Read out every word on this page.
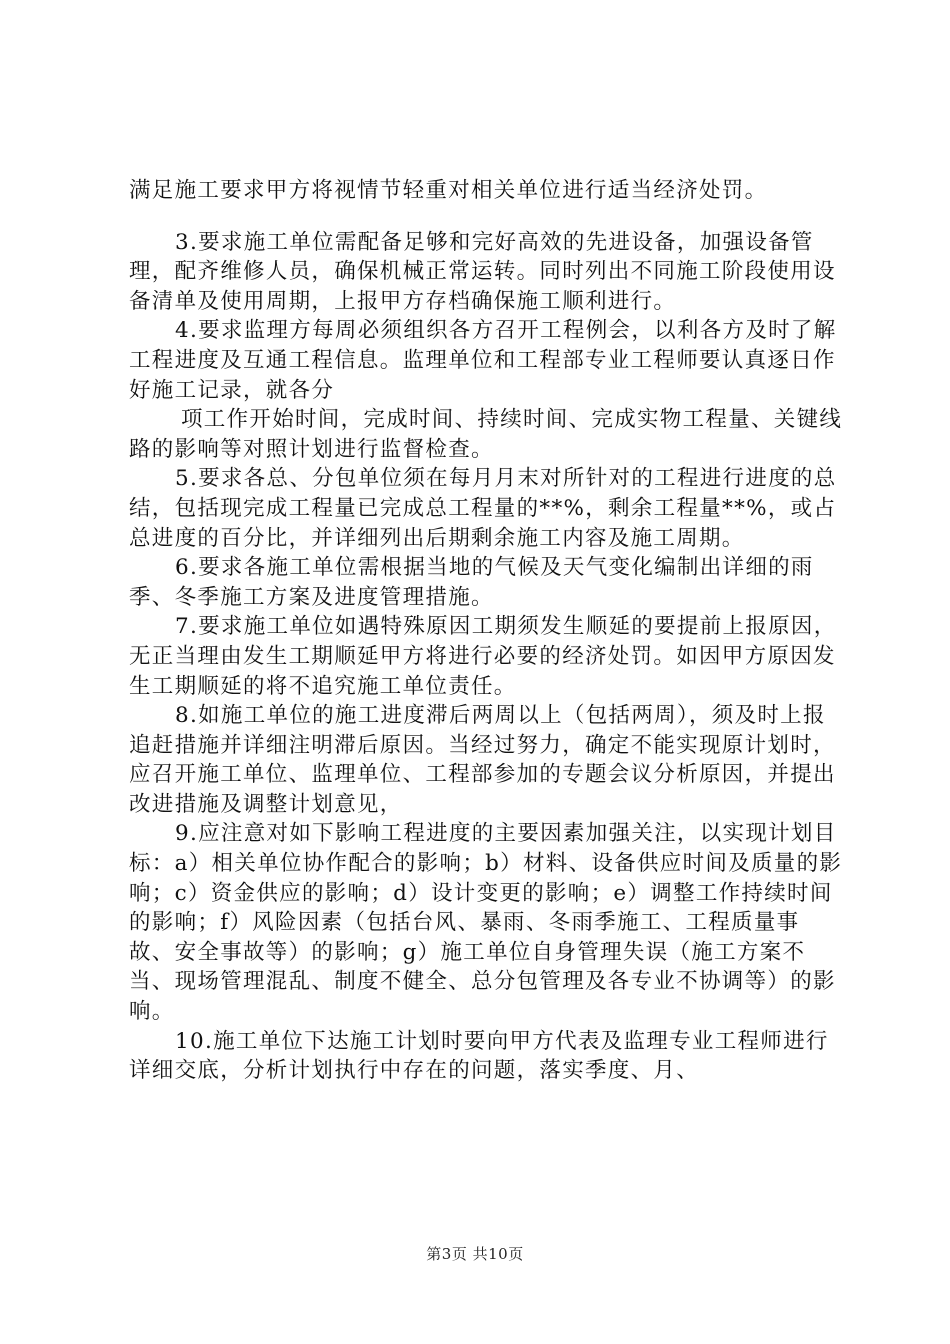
满足施工要求甲方将视情节轻重对相关单位进行适当经济处罚。

3.要求施工单位需配备足够和完好高效的先进设备，加强设备管理，配齐维修人员，确保机械正常运转。同时列出不同施工阶段使用设备清单及使用周期，上报甲方存档确保施工顺利进行。

4.要求监理方每周必须组织各方召开工程例会，以利各方及时了解工程进度及互通工程信息。监理单位和工程部专业工程师要认真逐日作好施工记录，就各分

项工作开始时间，完成时间、持续时间、完成实物工程量、关键线路的影响等对照计划进行监督检查。

5.要求各总、分包单位须在每月月末对所针对的工程进行进度的总结，包括现完成工程量已完成总工程量的**%，剩余工程量**%，或占总进度的百分比，并详细列出后期剩余施工内容及施工周期。

6.要求各施工单位需根据当地的气候及天气变化编制出详细的雨季、冬季施工方案及进度管理措施。

7.要求施工单位如遇特殊原因工期须发生顺延的要提前上报原因，无正当理由发生工期顺延甲方将进行必要的经济处罚。如因甲方原因发生工期顺延的将不追究施工单位责任。

8.如施工单位的施工进度滞后两周以上（包括两周），须及时上报追赶措施并详细注明滞后原因。当经过努力，确定不能实现原计划时，应召开施工单位、监理单位、工程部参加的专题会议分析原因，并提出改进措施及调整计划意见，

9.应注意对如下影响工程进度的主要因素加强关注，以实现计划目标：a）相关单位协作配合的影响；b）材料、设备供应时间及质量的影响；c）资金供应的影响；d）设计变更的影响；e）调整工作持续时间的影响；f）风险因素（包括台风、暴雨、冬雨季施工、工程质量事故、安全事故等）的影响；g）施工单位自身管理失误（施工方案不当、现场管理混乱、制度不健全、总分包管理及各专业不协调等）的影响。

10.施工单位下达施工计划时要向甲方代表及监理专业工程师进行详细交底，分析计划执行中存在的问题，落实季度、月、

第3页 共10页
